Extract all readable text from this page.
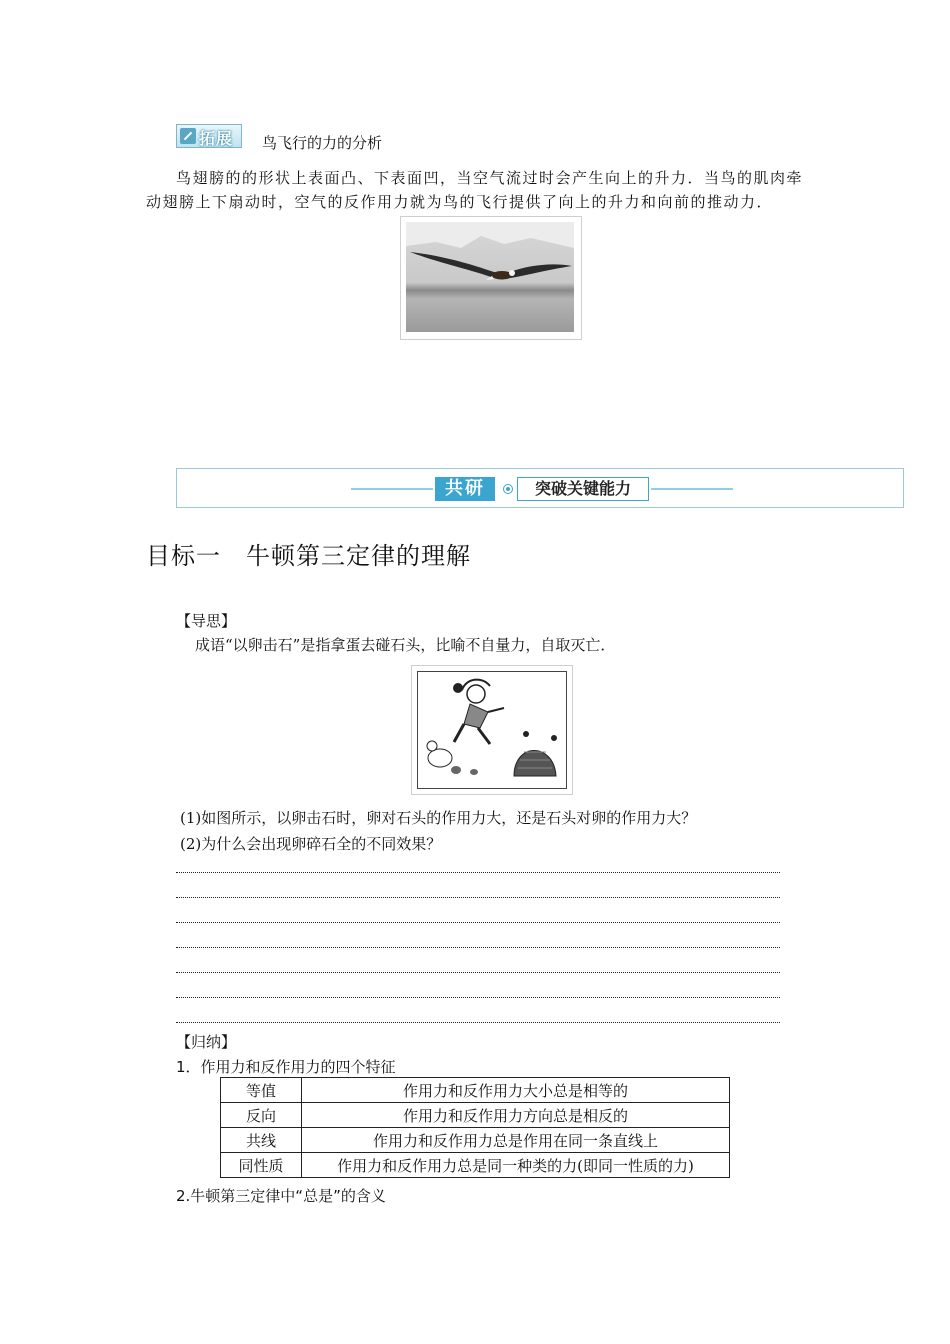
拓展 鸟飞行的力的分析
鸟翅膀的的形状上表面凸、下表面凹，当空气流过时会产生向上的升力．当鸟的肌肉牵
动翅膀上下扇动时，空气的反作用力就为鸟的飞行提供了向上的升力和向前的推动力．
共研	突破关键能力
目标一　牛顿第三定律的理解
【导思】
成语“以卵击石”是指拿蛋去碰石头，比喻不自量力，自取灭亡．
(1)如图所示，以卵击石时，卵对石头的作用力大，还是石头对卵的作用力大？
(2)为什么会出现卵碎石全的不同效果？
【归纳】
1．作用力和反作用力的四个特征
等值	作用力和反作用力大小总是相等的
反向	作用力和反作用力方向总是相反的
共线	作用力和反作用力总是作用在同一条直线上
同性质	作用力和反作用力总是同一种类的力(即同一性质的力)
2.牛顿第三定律中“总是”的含义
